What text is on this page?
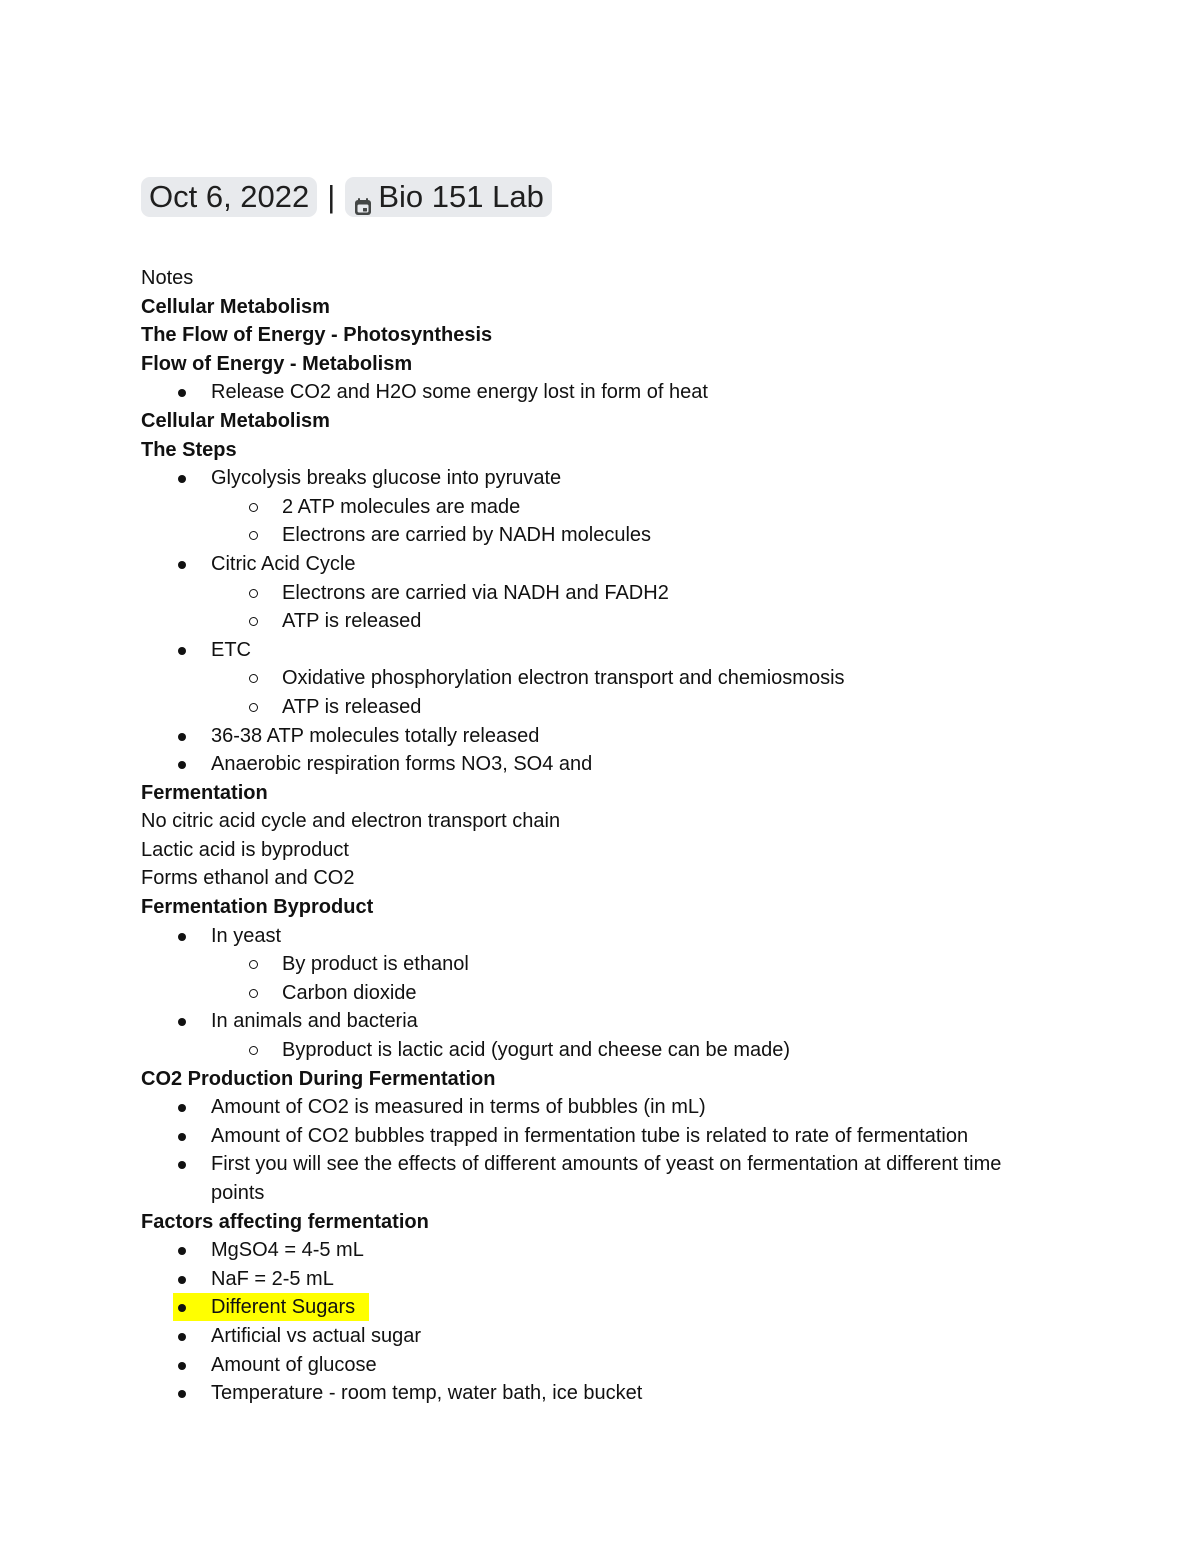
Oct 6, 2022 | Bio 151 Lab
Notes
Cellular Metabolism
The Flow of Energy - Photosynthesis
Flow of Energy - Metabolism
Release CO2 and H2O some energy lost in form of heat
Cellular Metabolism
The Steps
Glycolysis breaks glucose into pyruvate
2 ATP molecules are made
Electrons are carried by NADH molecules
Citric Acid Cycle
Electrons are carried via NADH and FADH2
ATP is released
ETC
Oxidative phosphorylation electron transport and chemiosmosis
ATP is released
36-38 ATP molecules totally released
Anaerobic respiration forms NO3, SO4 and
Fermentation
No citric acid cycle and electron transport chain
Lactic acid is byproduct
Forms ethanol and CO2
Fermentation Byproduct
In yeast
By product is ethanol
Carbon dioxide
In animals and bacteria
Byproduct is lactic acid (yogurt and cheese can be made)
CO2 Production During Fermentation
Amount of CO2 is measured in terms of bubbles (in mL)
Amount of CO2 bubbles trapped in fermentation tube is related to rate of fermentation
First you will see the effects of different amounts of yeast on fermentation at different time points
Factors affecting fermentation
MgSO4 = 4-5 mL
NaF = 2-5 mL
Different Sugars
Artificial vs actual sugar
Amount of glucose
Temperature - room temp, water bath, ice bucket
